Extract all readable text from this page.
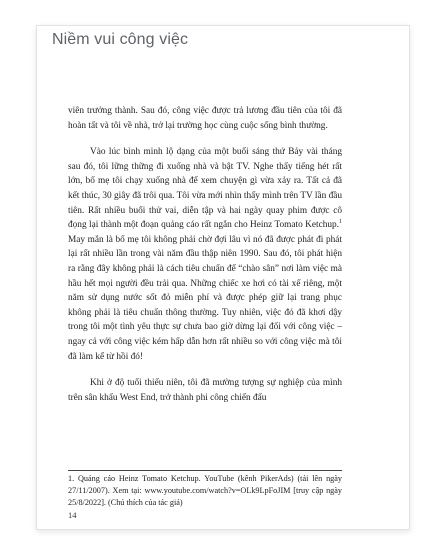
Niềm vui công việc

viên trưởng thành. Sau đó, công việc được trả lương đầu tiên của tôi đã hoàn tất và tôi về nhà, trở lại trường học cùng cuộc sống bình thường.

Vào lúc bình minh lộ dạng của một buổi sáng thứ Bảy vài tháng sau đó, tôi lững thững đi xuống nhà và bật TV. Nghe thấy tiếng hét rất lớn, bố mẹ tôi chạy xuống nhà để xem chuyện gì vừa xảy ra. Tất cả đã kết thúc, 30 giây đã trôi qua. Tôi vừa mới nhìn thấy mình trên TV lần đầu tiên. Rất nhiều buổi thử vai, diễn tập và hai ngày quay phim được cô đọng lại thành một đoạn quảng cáo rất ngắn cho Heinz Tomato Ketchup.$^1$ May mắn là bố mẹ tôi không phải chờ đợi lâu vì nó đã được phát đi phát lại rất nhiều lần trong vài năm đầu thập niên 1990. Sau đó, tôi phát hiện ra rằng đây không phải là cách tiêu chuẩn để “chào sân” nơi làm việc mà hầu hết mọi người đều trải qua. Những chiếc xe hơi có tài xế riêng, một năm sử dụng nước sốt đỏ miễn phí và được phép giữ lại trang phục không phải là tiêu chuẩn thông thường. Tuy nhiên, việc đó đã khơi dậy trong tôi một tình yêu thực sự chưa bao giờ dừng lại đối với công việc – ngay cả với công việc kém hấp dẫn hơn rất nhiều so với công việc mà tôi đã làm kể từ hồi đó!

Khi ở độ tuổi thiếu niên, tôi đã mường tượng sự nghiệp của mình trên sân khấu West End, trở thành phi công chiến đấu

1. Quảng cáo Heinz Tomato Ketchup. YouTube (kênh PikerAds) (tải lên ngày 27/11/2007). Xem tại: www.youtube.com/watch?v=OLk9LpFoJIM [truy cập ngày 25/8/2022]. (Chú thích của tác giả)
14
